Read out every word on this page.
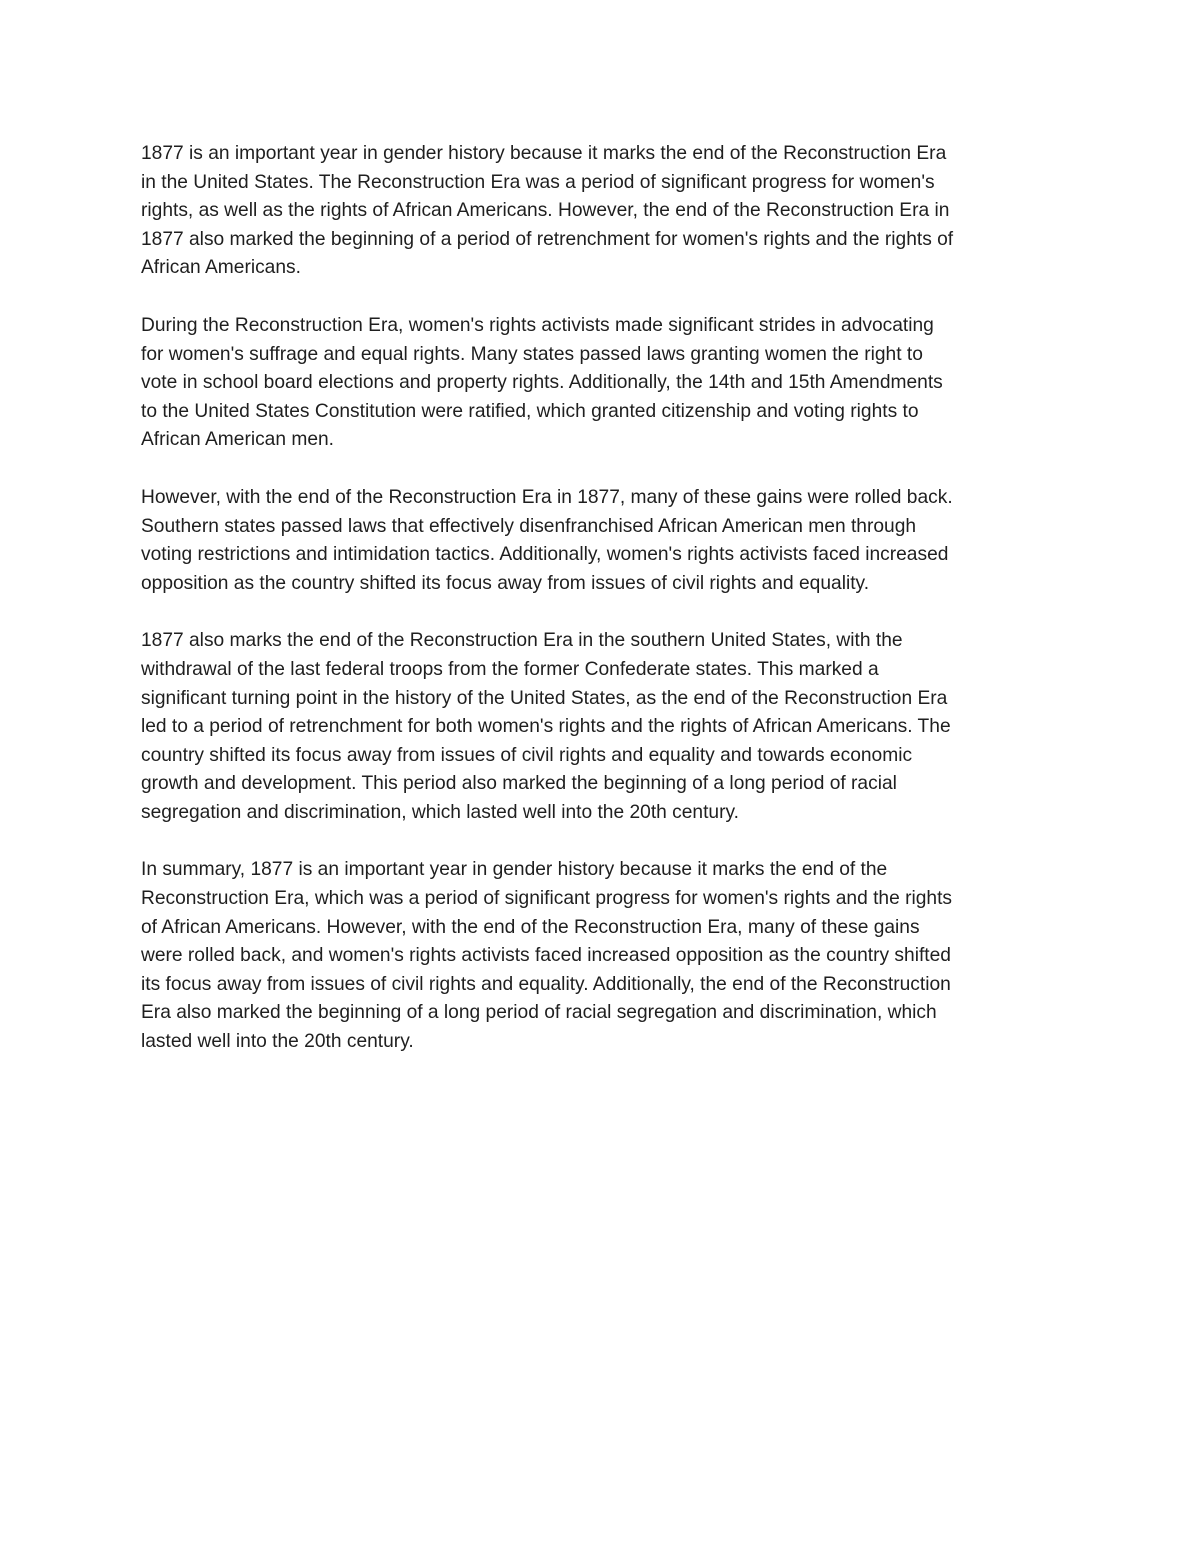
1877 is an important year in gender history because it marks the end of the Reconstruction Era
in the United States. The Reconstruction Era was a period of significant progress for women's
rights, as well as the rights of African Americans. However, the end of the Reconstruction Era in
1877 also marked the beginning of a period of retrenchment for women's rights and the rights of
African Americans.

During the Reconstruction Era, women's rights activists made significant strides in advocating
for women's suffrage and equal rights. Many states passed laws granting women the right to
vote in school board elections and property rights. Additionally, the 14th and 15th Amendments
to the United States Constitution were ratified, which granted citizenship and voting rights to
African American men.

However, with the end of the Reconstruction Era in 1877, many of these gains were rolled back.
Southern states passed laws that effectively disenfranchised African American men through
voting restrictions and intimidation tactics. Additionally, women's rights activists faced increased
opposition as the country shifted its focus away from issues of civil rights and equality.

1877 also marks the end of the Reconstruction Era in the southern United States, with the
withdrawal of the last federal troops from the former Confederate states. This marked a
significant turning point in the history of the United States, as the end of the Reconstruction Era
led to a period of retrenchment for both women's rights and the rights of African Americans. The
country shifted its focus away from issues of civil rights and equality and towards economic
growth and development. This period also marked the beginning of a long period of racial
segregation and discrimination, which lasted well into the 20th century.

In summary, 1877 is an important year in gender history because it marks the end of the
Reconstruction Era, which was a period of significant progress for women's rights and the rights
of African Americans. However, with the end of the Reconstruction Era, many of these gains
were rolled back, and women's rights activists faced increased opposition as the country shifted
its focus away from issues of civil rights and equality. Additionally, the end of the Reconstruction
Era also marked the beginning of a long period of racial segregation and discrimination, which
lasted well into the 20th century.
